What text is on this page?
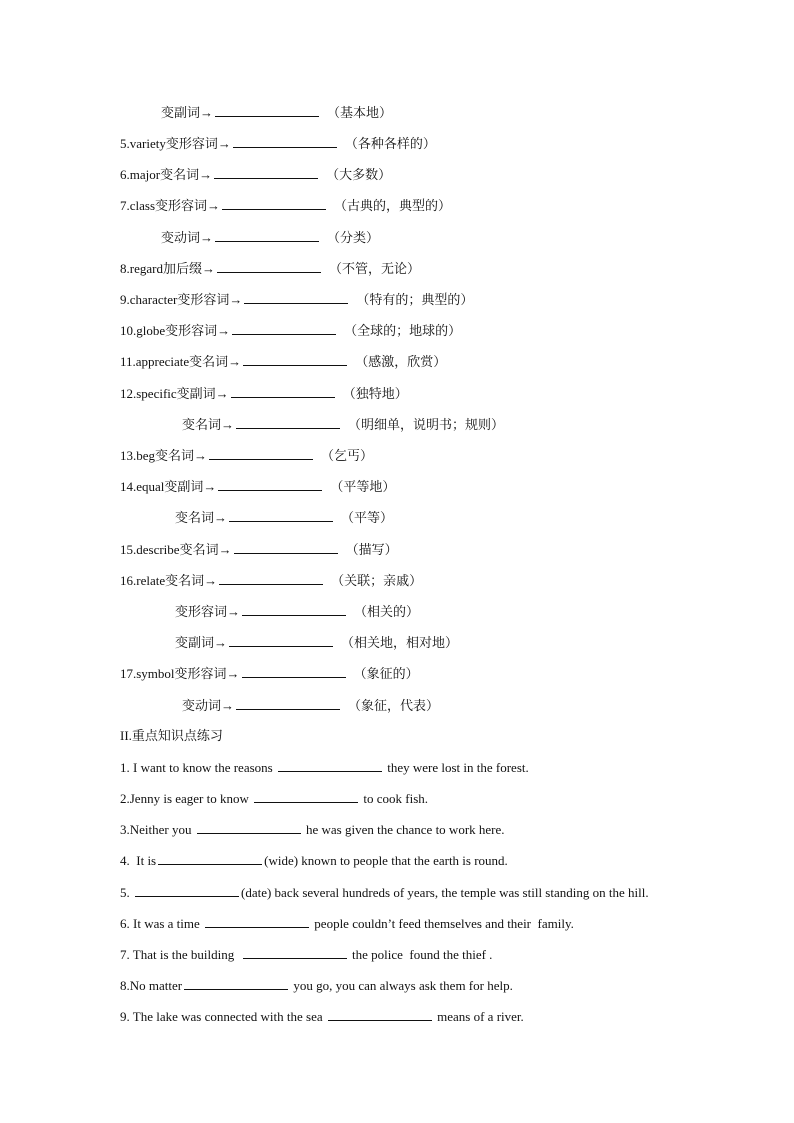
变副词→	（基本地）
5.variety 变形容词→	（各种各样的）
6.major 变名词→	（大多数）
7.class 变形容词→	（古典的，典型的）
变动词→	（分类）
8.regard 加后缀→	（不管，无论）
9.character 变形容词→	（特有的；典型的）
10.globe 变形容词→	（全球的；地球的）
11.appreciate 变名词→	（感激，欣赏）
12.specific 变副词→	（独特地）
变名词→	（明细单，说明书；规则）
13.beg 变名词→	（乞丐）
14.equal 变副词→	（平等地）
变名词→	（平等）
15.describe 变名词→	（描写）
16.relate 变名词→	（关联；亲戚）
变形容词→	（相关的）
变副词→	（相关地，相对地）
17.symbol 变形容词→	（象征的）
变动词→	（象征，代表）
II.重点知识点练习
1. I want to know the reasons	they were lost in the forest.
2.Jenny is eager to know	to cook fish.
3.Neither you	he was given the chance to work here.
4.  It is	(wide) known to people that the earth is round.
5.	(date) back several hundreds of years, the temple was still standing on the hill.
6. It was a time	people couldn’t feed themselves and their  family.
7. That is the building	the police  found the thief .
8.No matter	you go, you can always ask them for help.
9. The lake was connected with the sea	means of a river.
